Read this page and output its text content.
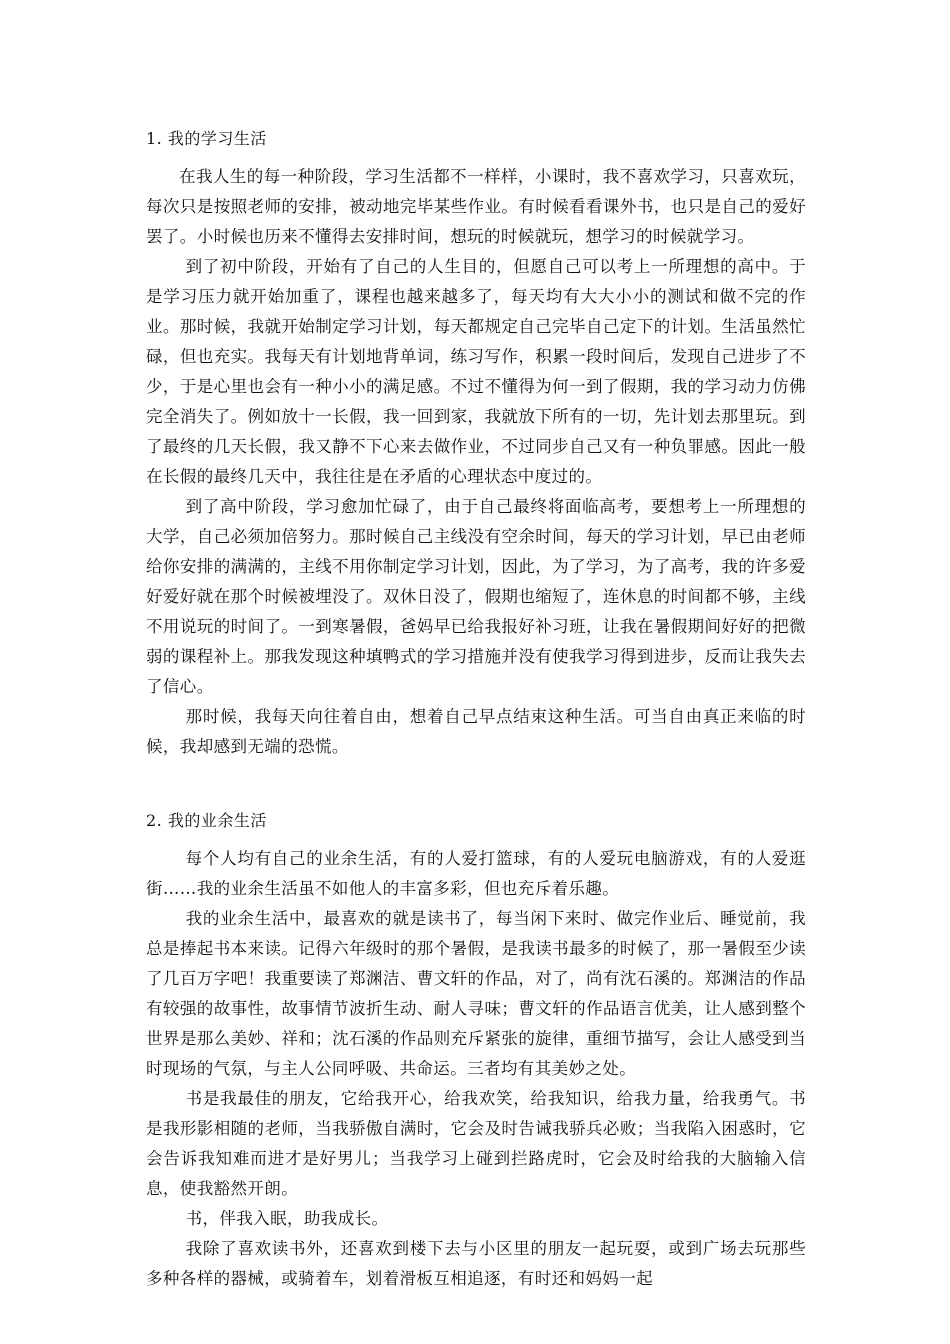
1. 我的学习生活

在我人生的每一种阶段，学习生活都不一样样，小课时，我不喜欢学习，只喜欢玩，每次只是按照老师的安排，被动地完毕某些作业。有时候看看课外书，也只是自己的爱好罢了。小时候也历来不懂得去安排时间，想玩的时候就玩，想学习的时候就学习。

到了初中阶段，开始有了自己的人生目的，但愿自己可以考上一所理想的高中。于是学习压力就开始加重了，课程也越来越多了，每天均有大大小小的测试和做不完的作业。那时候，我就开始制定学习计划，每天都规定自己完毕自己定下的计划。生活虽然忙碌，但也充实。我每天有计划地背单词，练习写作，积累一段时间后，发现自己进步了不少，于是心里也会有一种小小的满足感。不过不懂得为何一到了假期，我的学习动力仿佛完全消失了。例如放十一长假，我一回到家，我就放下所有的一切，先计划去那里玩。到了最终的几天长假，我又静不下心来去做作业，不过同步自己又有一种负罪感。因此一般在长假的最终几天中，我往往是在矛盾的心理状态中度过的。

到了高中阶段，学习愈加忙碌了，由于自己最终将面临高考，要想考上一所理想的大学，自己必须加倍努力。那时候自己主线没有空余时间，每天的学习计划，早已由老师给你安排的满满的，主线不用你制定学习计划，因此，为了学习，为了高考，我的许多爱好爱好就在那个时候被埋没了。双休日没了，假期也缩短了，连休息的时间都不够，主线不用说玩的时间了。一到寒暑假，爸妈早已给我报好补习班，让我在暑假期间好好的把微弱的课程补上。那我发现这种填鸭式的学习措施并没有使我学习得到进步，反而让我失去了信心。

那时候，我每天向往着自由，想着自己早点结束这种生活。可当自由真正来临的时候，我却感到无端的恐慌。

2. 我的业余生活

每个人均有自己的业余生活，有的人爱打篮球，有的人爱玩电脑游戏，有的人爱逛街……我的业余生活虽不如他人的丰富多彩，但也充斥着乐趣。

我的业余生活中，最喜欢的就是读书了，每当闲下来时、做完作业后、睡觉前，我总是捧起书本来读。记得六年级时的那个暑假，是我读书最多的时候了，那一暑假至少读了几百万字吧！我重要读了郑渊洁、曹文轩的作品，对了，尚有沈石溪的。郑渊洁的作品有较强的故事性，故事情节波折生动、耐人寻味；曹文轩的作品语言优美，让人感到整个世界是那么美妙、祥和；沈石溪的作品则充斥紧张的旋律，重细节描写，会让人感受到当时现场的气氛，与主人公同呼吸、共命运。三者均有其美妙之处。

书是我最佳的朋友，它给我开心，给我欢笑，给我知识，给我力量，给我勇气。书是我形影相随的老师，当我骄傲自满时，它会及时告诫我骄兵必败；当我陷入困惑时，它会告诉我知难而进才是好男儿；当我学习上碰到拦路虎时，它会及时给我的大脑输入信息，使我豁然开朗。

书，伴我入眠，助我成长。

我除了喜欢读书外，还喜欢到楼下去与小区里的朋友一起玩耍，或到广场去玩那些多种各样的器械，或骑着车，划着滑板互相追逐，有时还和妈妈一起
